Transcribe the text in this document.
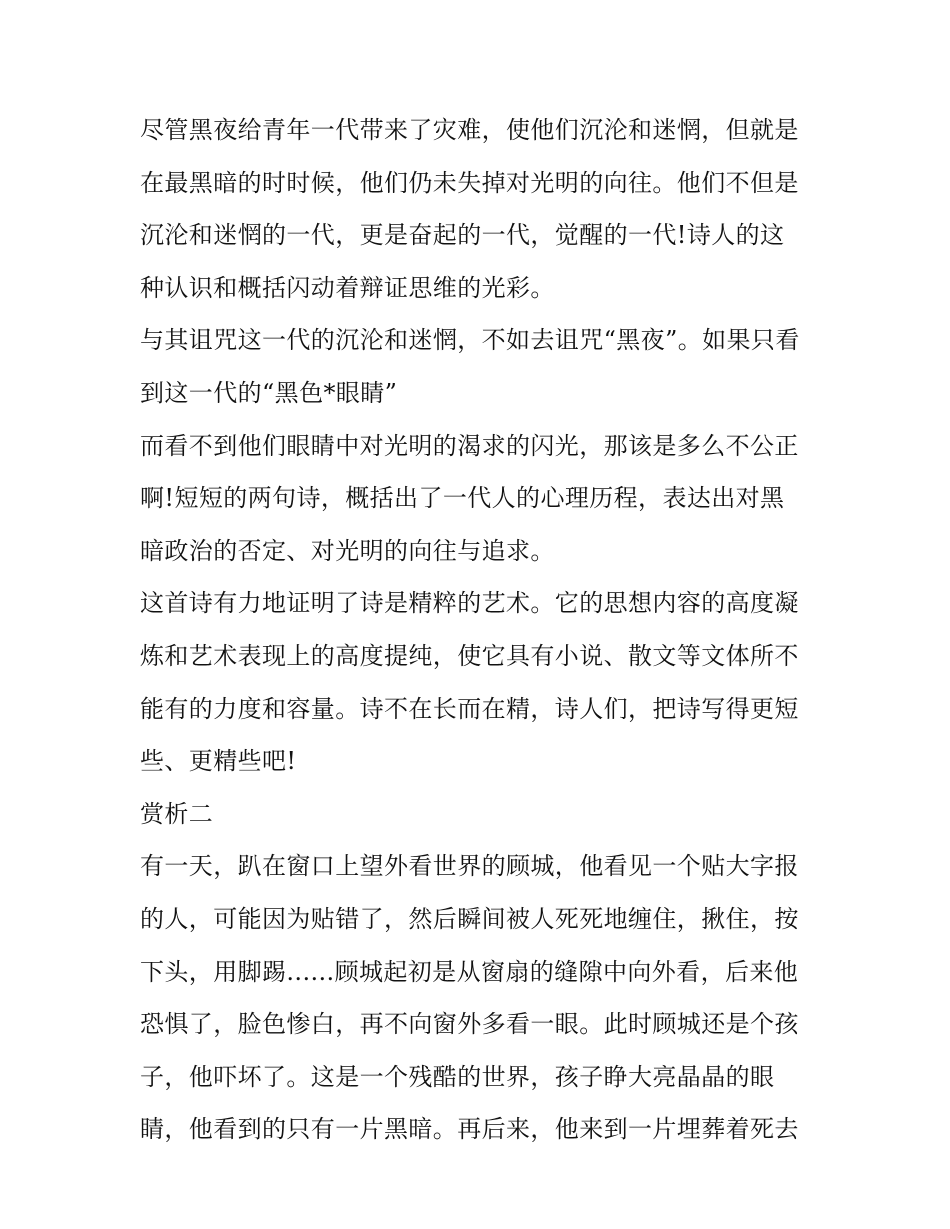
尽管黑夜给青年一代带来了灾难，使他们沉沦和迷惘，但就是
在最黑暗的时时候，他们仍未失掉对光明的向往。他们不但是
沉沦和迷惘的一代，更是奋起的一代，觉醒的一代!诗人的这
种认识和概括闪动着辩证思维的光彩。
与其诅咒这一代的沉沦和迷惘，不如去诅咒“黑夜”。如果只看
到这一代的“黑色*眼睛”
而看不到他们眼睛中对光明的渴求的闪光，那该是多么不公正
啊!短短的两句诗，概括出了一代人的心理历程，表达出对黑
暗政治的否定、对光明的向往与追求。
这首诗有力地证明了诗是精粹的艺术。它的思想内容的高度凝
炼和艺术表现上的高度提纯，使它具有小说、散文等文体所不
能有的力度和容量。诗不在长而在精，诗人们，把诗写得更短
些、更精些吧!
赏析二
有一天，趴在窗口上望外看世界的顾城，他看见一个贴大字报
的人，可能因为贴错了，然后瞬间被人死死地缠住，揪住，按
下头，用脚踢......顾城起初是从窗扇的缝隙中向外看，后来他
恐惧了，脸色惨白，再不向窗外多看一眼。此时顾城还是个孩
子，他吓坏了。这是一个残酷的世界，孩子睁大亮晶晶的眼
睛，他看到的只有一片黑暗。再后来，他来到一片埋葬着死去
